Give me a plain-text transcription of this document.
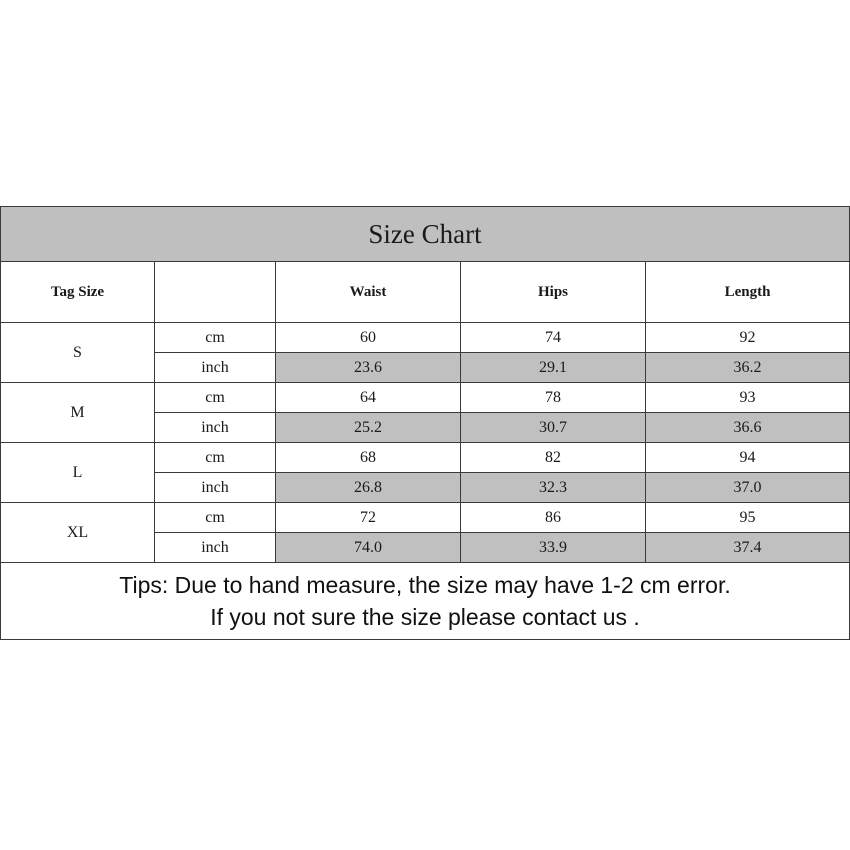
Size Chart				
Tag Size		Waist	Hips	Length
S	cm	60	74	92
	inch	23.6	29.1	36.2
M	cm	64	78	93
	inch	25.2	30.7	36.6
L	cm	68	82	94
	inch	26.8	32.3	37.0
XL	cm	72	86	95
	inch	74.0	33.9	37.4

Tips: Due to hand measure, the size may have 1-2 cm error.
If you not sure the size please contact us .				
